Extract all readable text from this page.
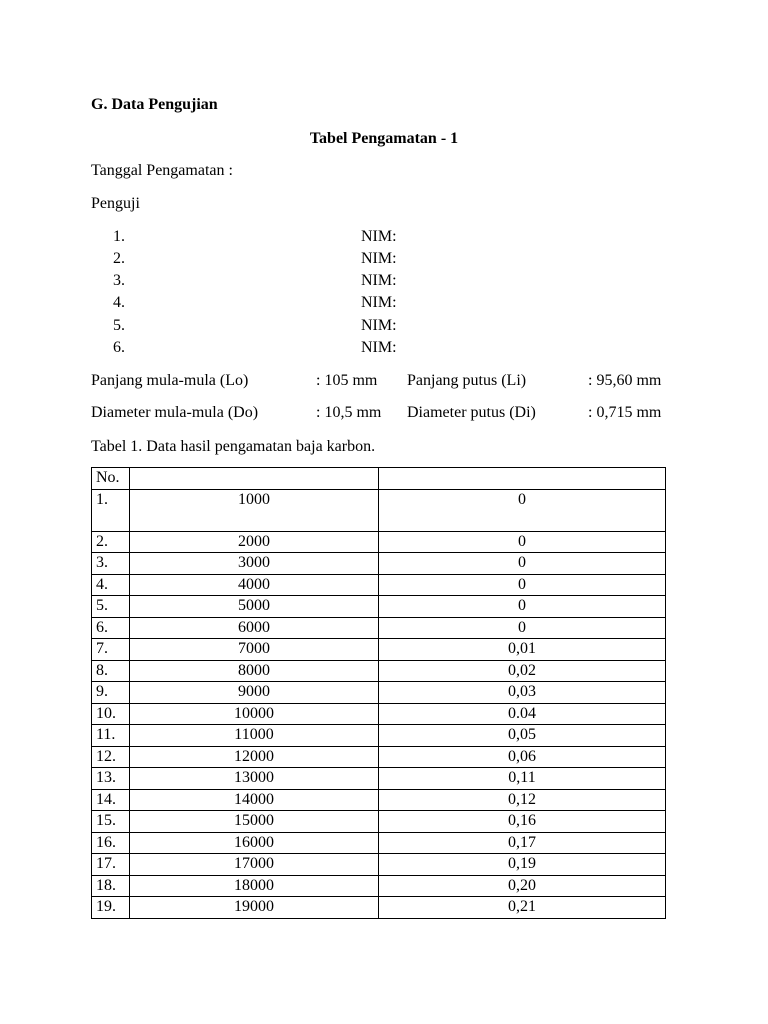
G. Data Pengujian
Tabel Pengamatan - 1
Tanggal Pengamatan :
Penguji
1.	NIM:
2.	NIM:
3.	NIM:
4.	NIM:
5.	NIM:
6.	NIM:
Panjang mula-mula (Lo)	: 105 mm Panjang putus (Li)	: 95,60 mm
Diameter mula-mula (Do)	: 10,5 mm Diameter putus (Di)	: 0,715 mm
Tabel 1. Data hasil pengamatan baja karbon.
No.		
1.	1000	0
2.	2000	0
3.	3000	0
4.	4000	0
5.	5000	0
6.	6000	0
7.	7000	0,01
8.	8000	0,02
9.	9000	0,03
10.	10000	0.04
11.	11000	0,05
12.	12000	0,06
13.	13000	0,11
14.	14000	0,12
15.	15000	0,16
16.	16000	0,17
17.	17000	0,19
18.	18000	0,20
19.	19000	0,21
